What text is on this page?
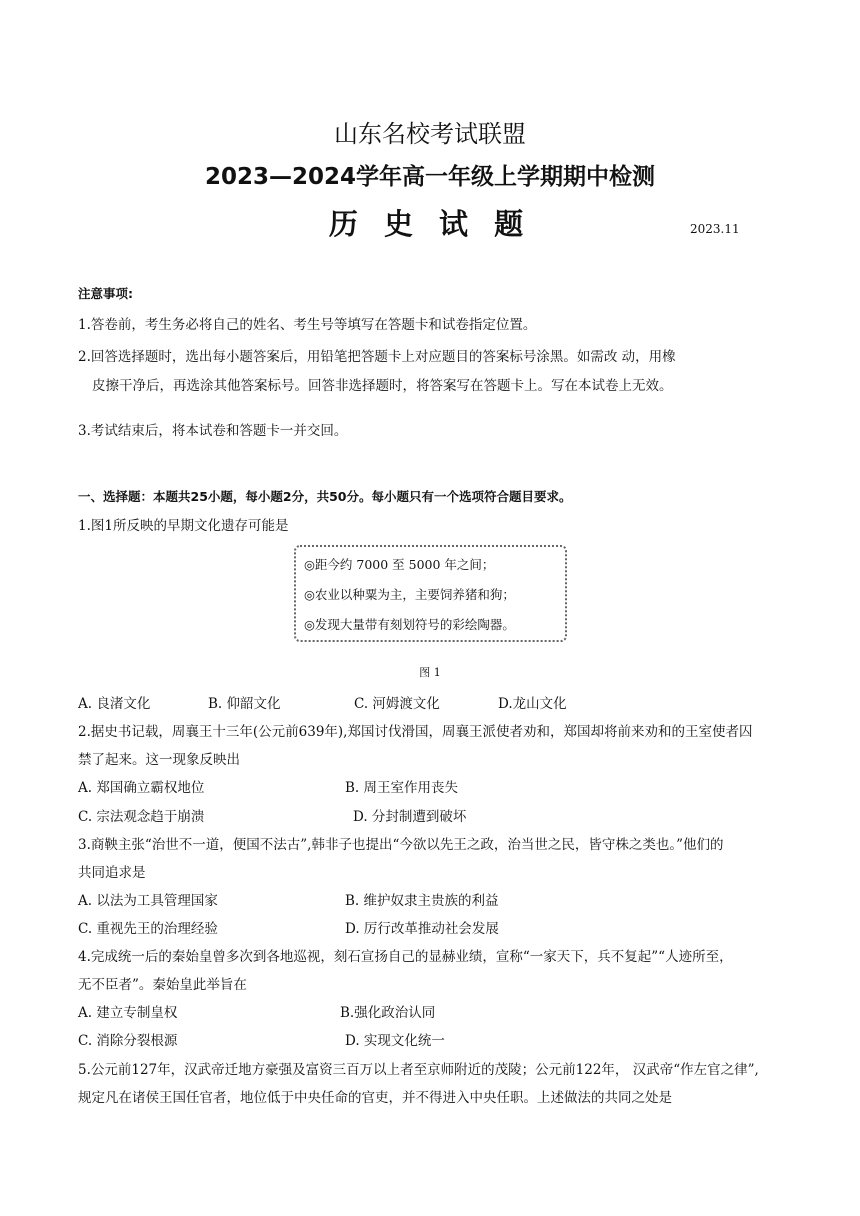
山东名校考试联盟
2023—2024学年高一年级上学期期中检测
历 史 试 题	2023.11
注意事项:
1.答卷前，考生务必将自己的姓名、考生号等填写在答题卡和试卷指定位置。
2.回答选择题时，选出每小题答案后，用铅笔把答题卡上对应题目的答案标号涂黑。如需改 动，用橡
皮擦干净后，再选涂其他答案标号。回答非选择题时，将答案写在答题卡上。写在本试卷上无效。
3.考试结束后，将本试卷和答题卡一并交回。
一、选择题：本题共25小题，每小题2分，共50分。每小题只有一个选项符合题目要求。
1.图1所反映的早期文化遗存可能是
◎距今约 7000 至 5000 年之间；
◎农业以种粟为主，主要饲养猪和狗；
◎发现大量带有刻划符号的彩绘陶器。
图 1
A. 良渚文化	B. 仰韶文化	C. 河姆渡文化	D.龙山文化
2.据史书记载，周襄王十三年(公元前639年),郑国讨伐滑国，周襄王派使者劝和，郑国却将前来劝和的王室使者囚
禁了起来。这一现象反映出
A. 郑国确立霸权地位	B. 周王室作用丧失
C. 宗法观念趋于崩溃	D. 分封制遭到破坏
3.商鞅主张“治世不一道，便国不法古”,韩非子也提出“今欲以先王之政，治当世之民，皆守株之类也。”他们的
共同追求是
A. 以法为工具管理国家	B. 维护奴隶主贵族的利益
C. 重视先王的治理经验	D. 厉行改革推动社会发展
4.完成统一后的秦始皇曾多次到各地巡视，刻石宣扬自己的显赫业绩，宣称“一家天下，兵不复起”“人迹所至，
无不臣者”。秦始皇此举旨在
A. 建立专制皇权	B.强化政治认同
C. 消除分裂根源	D. 实现文化统一
5.公元前127年，汉武帝迁地方豪强及富资三百万以上者至京师附近的茂陵；公元前122年， 汉武帝“作左官之律”,
规定凡在诸侯王国任官者，地位低于中央任命的官吏，并不得进入中央任职。上述做法的共同之处是
